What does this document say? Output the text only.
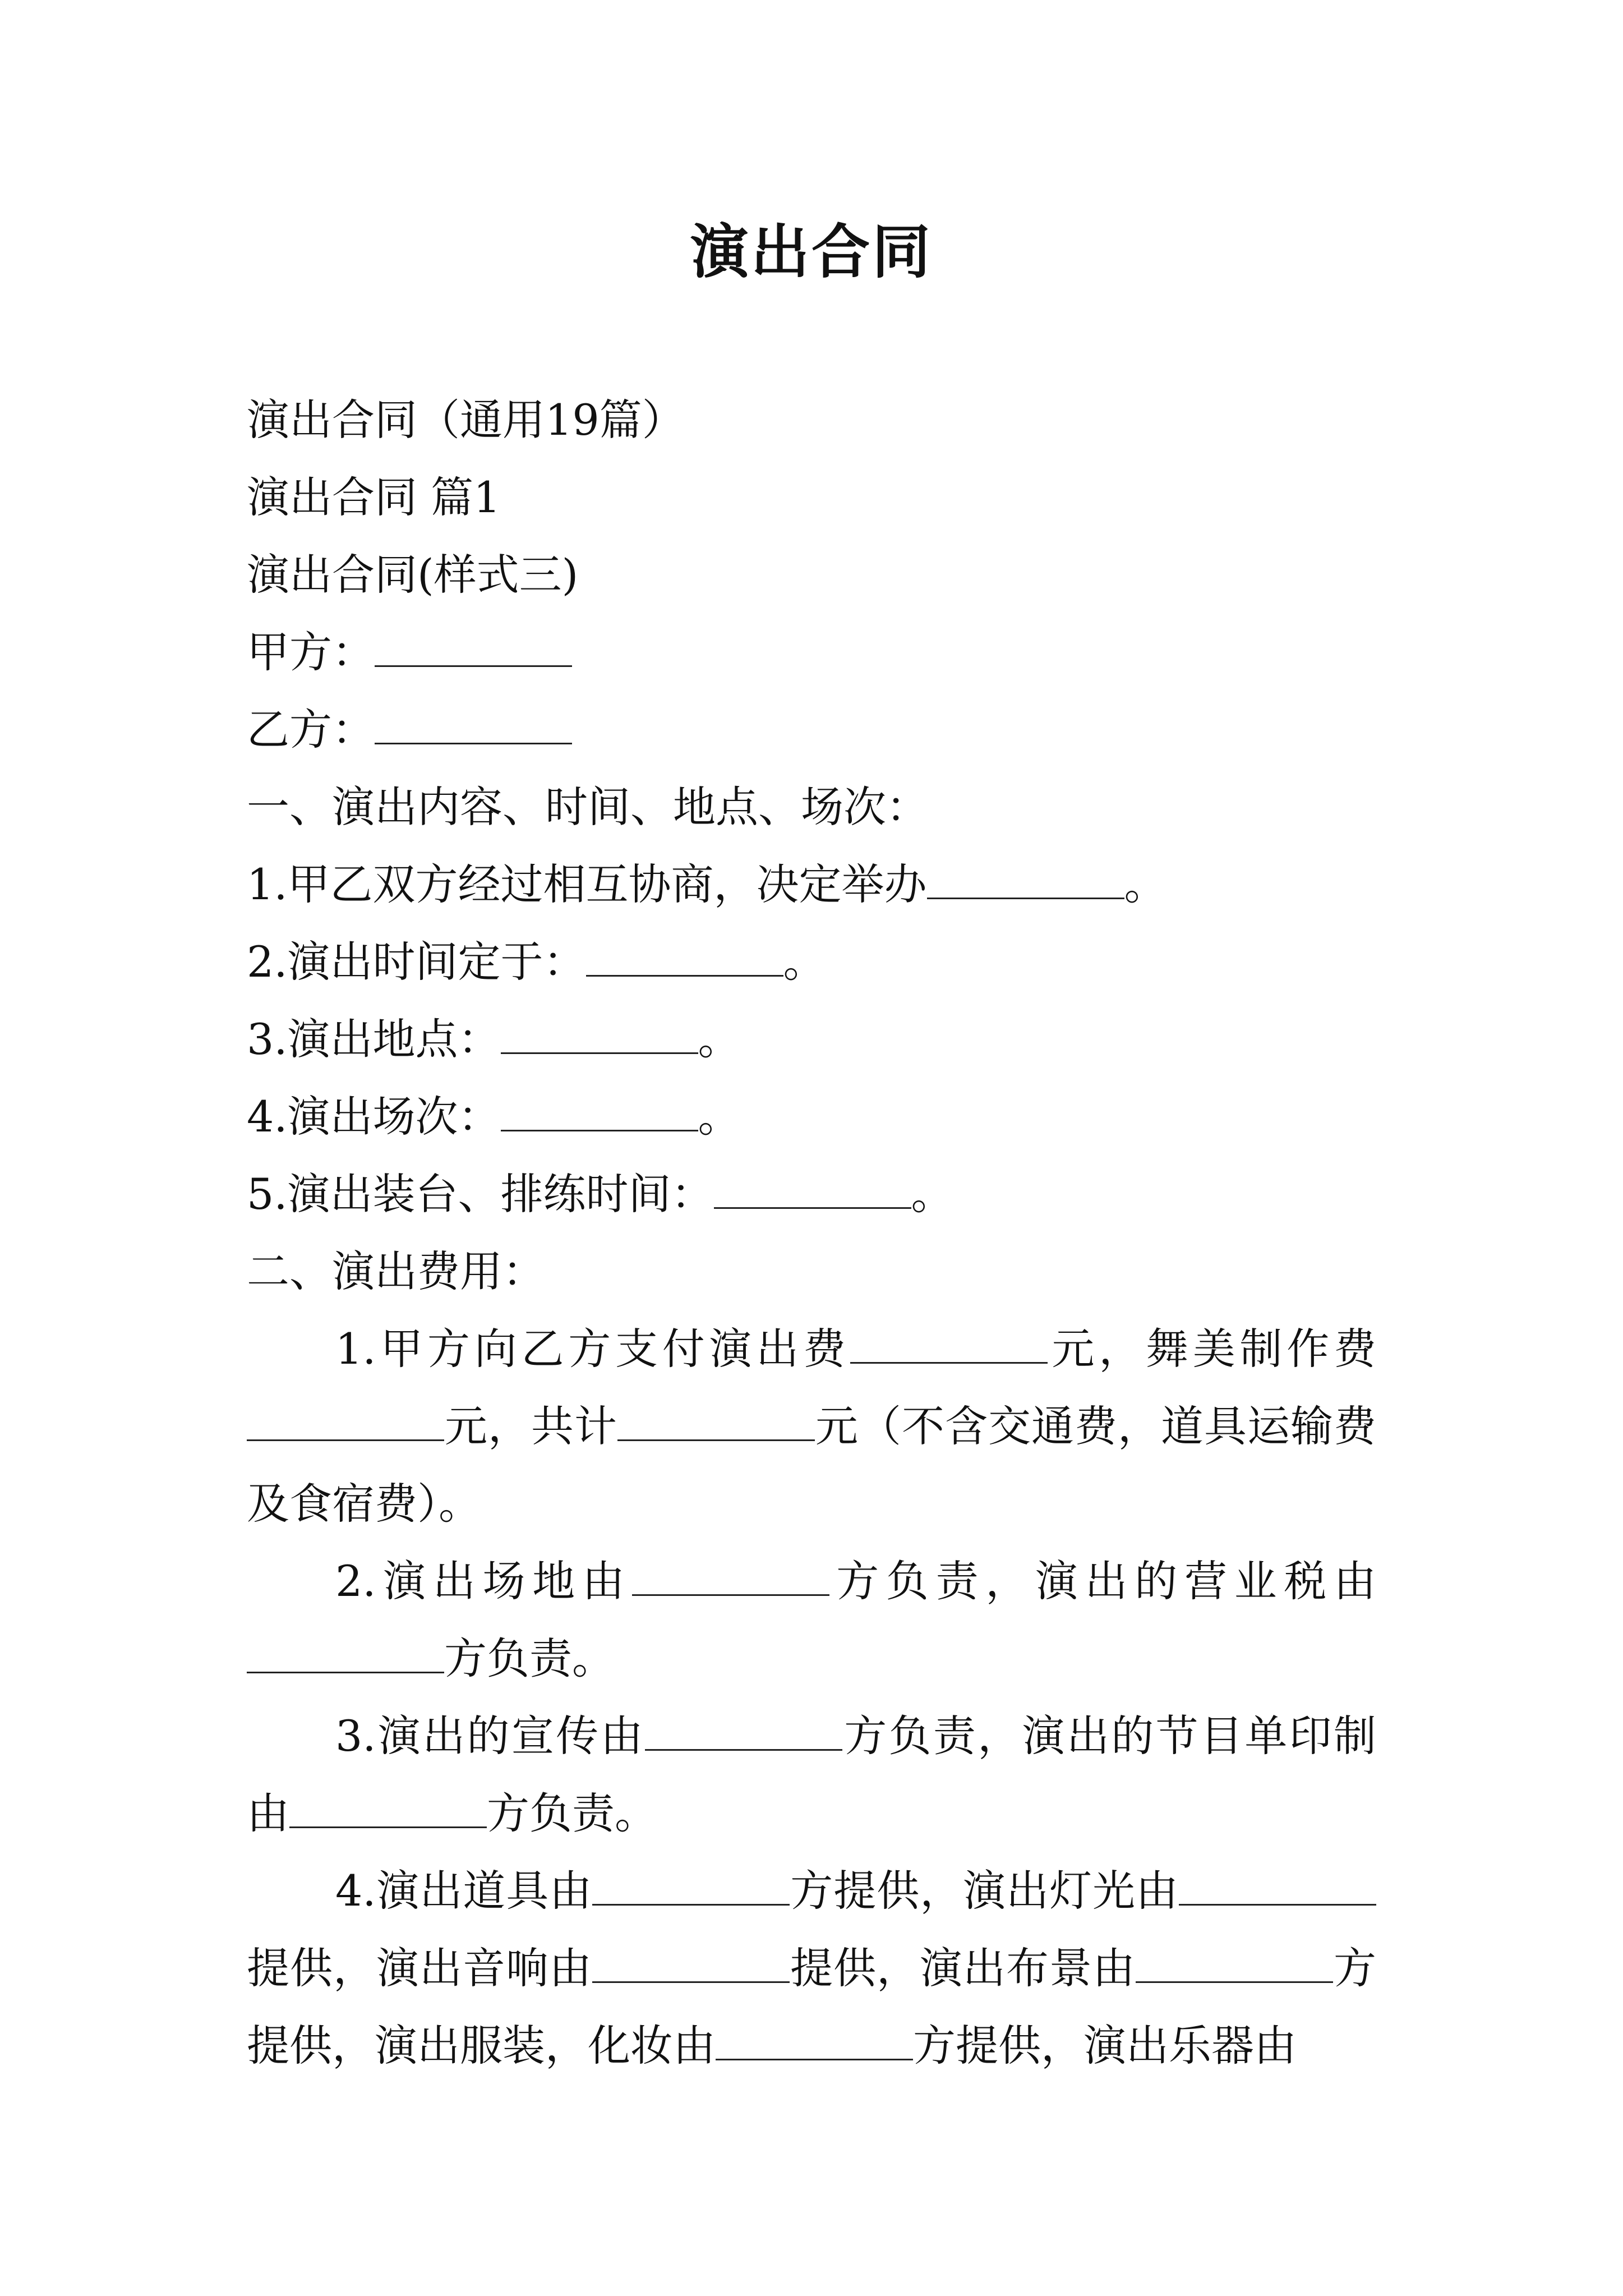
演出合同

演出合同（通用19篇）

演出合同 篇1

演出合同(样式三)

甲方：

乙方：

一、演出内容、时间、地点、场次：

1.甲乙双方经过相互协商，决定举办	。

2.演出时间定于：	。

3.演出地点：	。

4.演出场次：	。

5.演出装台、排练时间：	。

二、演出费用：

1.甲方向乙方支付演出费	元，舞美制作费元，共计	元（不含交通费，道具运输费及食宿费）。

2.演出场地由	方负责，演出的营业税由方负责。

3.演出的宣传由	方负责，演出的节目单印制由	方负责。

4.演出道具由	方提供，演出灯光由提供，演出音响由	提供，演出布景由	方提供，演出服装，化妆由	方提供，演出乐器由
